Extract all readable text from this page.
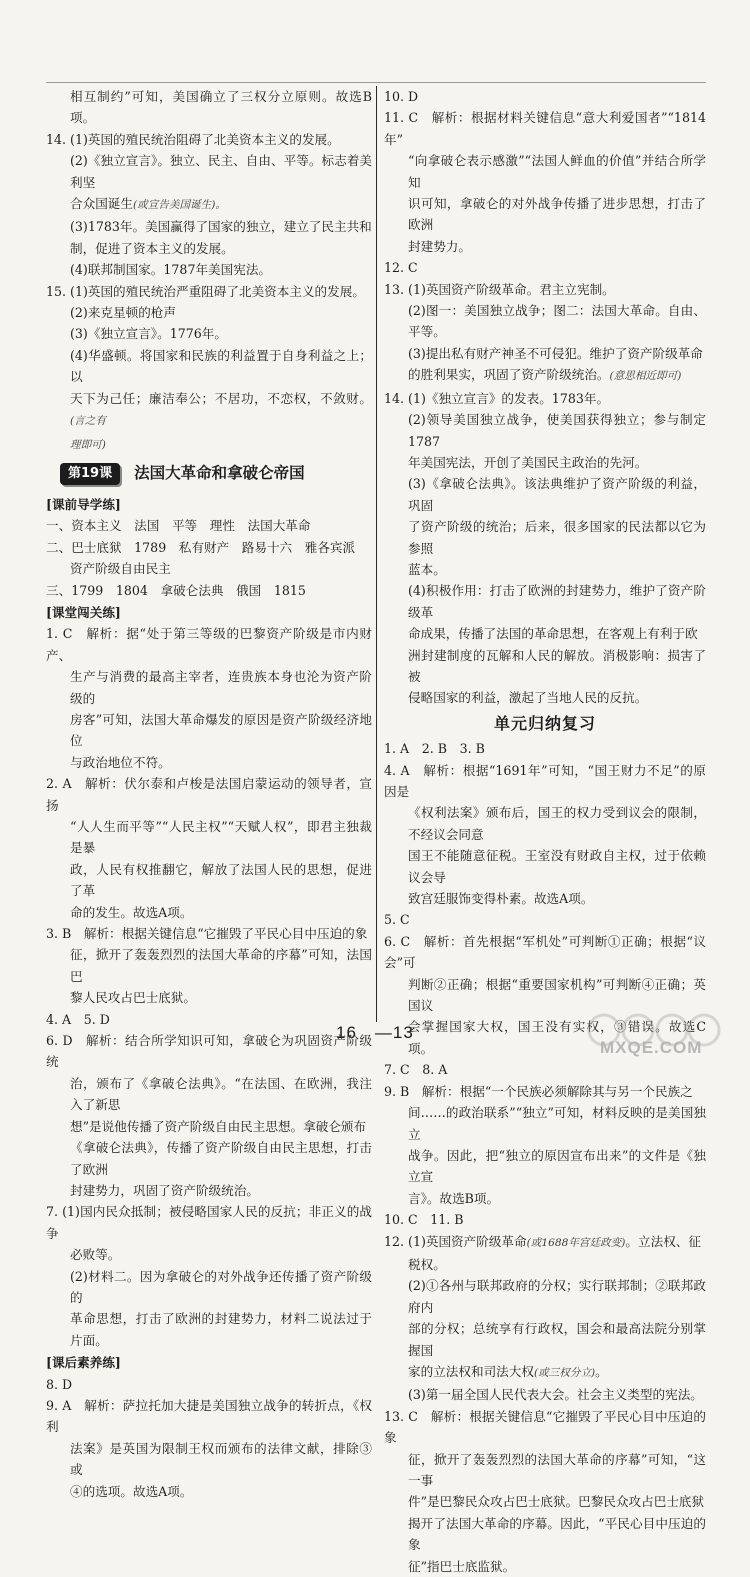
相互制约”可知，美国确立了三权分立原则。故选B项。

14. (1)英国的殖民统治阻碍了北美资本主义的发展。

(2)《独立宣言》。独立、民主、自由、平等。标志着美利坚

合众国诞生(或宣告美国诞生)。

(3)1783年。美国赢得了国家的独立，建立了民主共和

制，促进了资本主义的发展。

(4)联邦制国家。1787年美国宪法。

15. (1)英国的殖民统治严重阻碍了北美资本主义的发展。

(2)来克星顿的枪声

(3)《独立宣言》。1776年。

(4)华盛顿。将国家和民族的利益置于自身利益之上；以

天下为己任；廉洁奉公；不居功，不恋权，不敛财。(言之有

理即可)

第19课	法国大革命和拿破仑帝国

[课前导学练]

一、资本主义　法国　平等　理性　法国大革命

二、巴士底狱　1789　私有财产　路易十六　雅各宾派

资产阶级自由民主

三、1799　1804　拿破仑法典　俄国　1815

[课堂闯关练]

1. C　解析：据“处于第三等级的巴黎资产阶级是市内财产、

生产与消费的最高主宰者，连贵族本身也沦为资产阶级的

房客”可知，法国大革命爆发的原因是资产阶级经济地位

与政治地位不符。

2. A　解析：伏尔泰和卢梭是法国启蒙运动的领导者，宣扬

“人人生而平等”“人民主权”“天赋人权”，即君主独裁是暴

政，人民有权推翻它，解放了法国人民的思想，促进了革

命的发生。故选A项。

3. B　解析：根据关键信息“它摧毁了平民心目中压迫的象

征，掀开了轰轰烈烈的法国大革命的序幕”可知，法国巴

黎人民攻占巴士底狱。

4. A　5. D

6. D　解析：结合所学知识可知，拿破仑为巩固资产阶级统

治，颁布了《拿破仑法典》。“在法国、在欧洲，我注入了新思

想”是说他传播了资产阶级自由民主思想。拿破仑颁布

《拿破仑法典》，传播了资产阶级自由民主思想，打击了欧洲

封建势力，巩固了资产阶级统治。

7. (1)国内民众抵制；被侵略国家人民的反抗；非正义的战争

必败等。

(2)材料二。因为拿破仑的对外战争还传播了资产阶级的

革命思想，打击了欧洲的封建势力，材料二说法过于片面。

[课后素养练]

8. D

9. A　解析：萨拉托加大捷是美国独立战争的转折点，《权利

法案》是英国为限制王权而颁布的法律文献，排除③或

④的选项。故选A项。

10. D

11. C　解析：根据材料关键信息“意大利爱国者”“1814年”

“向拿破仑表示感激”“法国人鲜血的价值”并结合所学知

识可知，拿破仑的对外战争传播了进步思想，打击了欧洲

封建势力。

12. C

13. (1)英国资产阶级革命。君主立宪制。

(2)图一：美国独立战争；图二：法国大革命。自由、平等。

(3)提出私有财产神圣不可侵犯。维护了资产阶级革命

的胜利果实，巩固了资产阶级统治。(意思相近即可)

14. (1)《独立宣言》的发表。1783年。

(2)领导美国独立战争，使美国获得独立；参与制定1787

年美国宪法，开创了美国民主政治的先河。

(3)《拿破仑法典》。该法典维护了资产阶级的利益，巩固

了资产阶级的统治；后来，很多国家的民法都以它为参照

蓝本。

(4)积极作用：打击了欧洲的封建势力，维护了资产阶级革

命成果，传播了法国的革命思想，在客观上有利于欧

洲封建制度的瓦解和人民的解放。消极影响：损害了被

侵略国家的利益，激起了当地人民的反抗。

单元归纳复习

1. A　2. B　3. B

4. A　解析：根据“1691年”可知，“国王财力不足”的原因是

《权利法案》颁布后，国王的权力受到议会的限制，不经议会同意

国王不能随意征税。王室没有财政自主权，过于依赖议会导

致宫廷服饰变得朴素。故选A项。

5. C

6. C　解析：首先根据“军机处”可判断①正确；根据“议会”可

判断②正确；根据“重要国家机构”可判断④正确；英国议

会掌握国家大权，国王没有实权，③错误。故选C项。

7. C　8. A

9. B　解析：根据“一个民族必须解除其与另一个民族之

间……的政治联系”“独立”可知，材料反映的是美国独立

战争。因此，把“独立的原因宣布出来”的文件是《独立宣

言》。故选B项。

10. C　11. B

12. (1)英国资产阶级革命(或1688年宫廷政变)。立法权、征

税权。

(2)①各州与联邦政府的分权；实行联邦制；②联邦政府内

部的分权；总统享有行政权，国会和最高法院分别掌握国

家的立法权和司法大权(或三权分立)。

(3)第一届全国人民代表大会。社会主义类型的宪法。

13. C　解析：根据关键信息“它摧毁了平民心目中压迫的象

征，掀开了轰轰烈烈的法国大革命的序幕”可知，“这一事

件”是巴黎民众攻占巴士底狱。巴黎民众攻占巴士底狱

揭开了法国大革命的序幕。因此，“平民心目中压迫的象

征”指巴士底监狱。

16　—13
MXQE.COM
